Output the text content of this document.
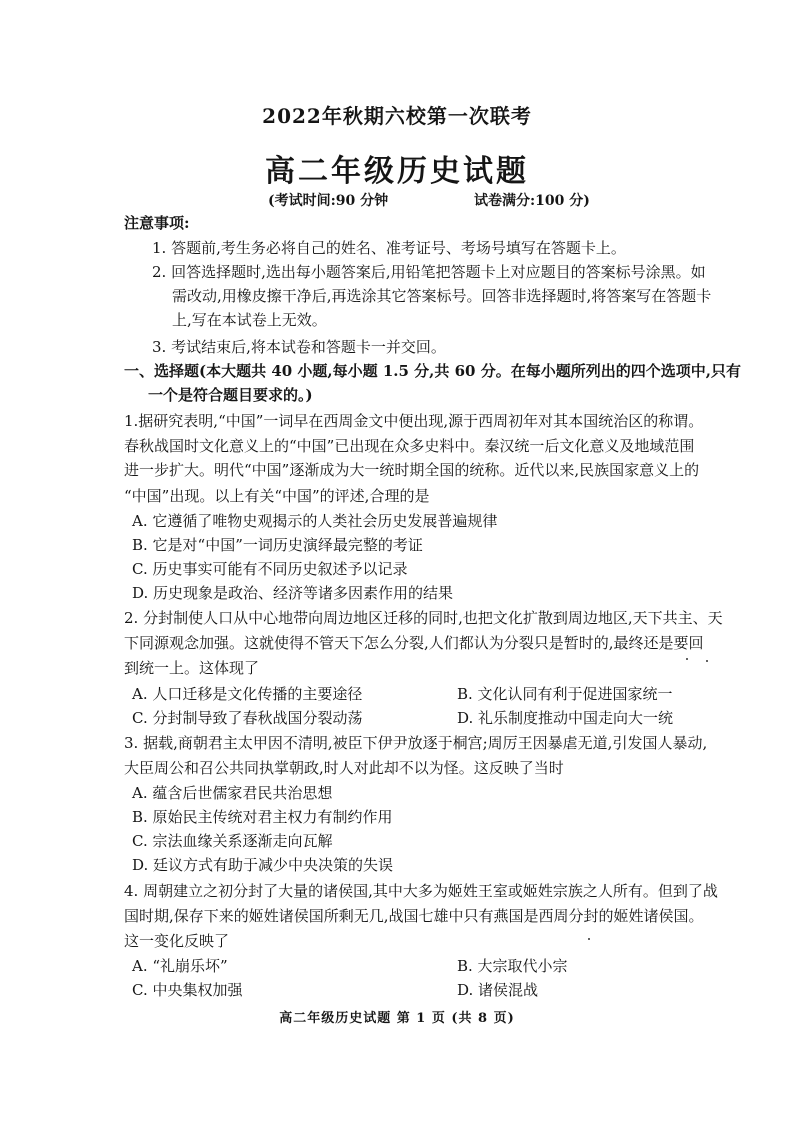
2022年秋期六校第一次联考
高二年级历史试题
(考试时间:90 分钟	试卷满分:100 分)
注意事项:
1. 答题前,考生务必将自己的姓名、准考证号、考场号填写在答题卡上。
2. 回答选择题时,选出每小题答案后,用铅笔把答题卡上对应题目的答案标号涂黑。如
需改动,用橡皮擦干净后,再选涂其它答案标号。回答非选择题时,将答案写在答题卡
上,写在本试卷上无效。
3. 考试结束后,将本试卷和答题卡一并交回。
一、选择题(本大题共 40 小题,每小题 1.5 分,共 60 分。在每小题所列出的四个选项中,只有
一个是符合题目要求的。)
1.据研究表明,“中国”一词早在西周金文中便出现,源于西周初年对其本国统治区的称谓。
春秋战国时文化意义上的“中国”已出现在众多史料中。秦汉统一后文化意义及地域范围
进一步扩大。明代“中国”逐渐成为大一统时期全国的统称。近代以来,民族国家意义上的
“中国”出现。以上有关“中国”的评述,合理的是
A. 它遵循了唯物史观揭示的人类社会历史发展普遍规律
B. 它是对“中国”一词历史演绎最完整的考证
C. 历史事实可能有不同历史叙述予以记录
D. 历史现象是政治、经济等诸多因素作用的结果
2. 分封制使人口从中心地带向周边地区迁移的同时,也把文化扩散到周边地区,天下共主、天
下同源观念加强。这就使得不管天下怎么分裂,人们都认为分裂只是暂时的,最终还是要回
到统一上。这体现了
A. 人口迁移是文化传播的主要途径	B. 文化认同有利于促进国家统一
C. 分封制导致了春秋战国分裂动荡	D. 礼乐制度推动中国走向大一统
3. 据载,商朝君主太甲因不清明,被臣下伊尹放逐于桐宫;周厉王因暴虐无道,引发国人暴动,
大臣周公和召公共同执掌朝政,时人对此却不以为怪。这反映了当时
A. 蕴含后世儒家君民共治思想
B. 原始民主传统对君主权力有制约作用
C. 宗法血缘关系逐渐走向瓦解
D. 廷议方式有助于减少中央决策的失误
4. 周朝建立之初分封了大量的诸侯国,其中大多为姬姓王室或姬姓宗族之人所有。但到了战
国时期,保存下来的姬姓诸侯国所剩无几,战国七雄中只有燕国是西周分封的姬姓诸侯国。
这一变化反映了
A. “礼崩乐坏”	B. 大宗取代小宗
C. 中央集权加强	D. 诸侯混战
高二年级历史试题 第 1 页 (共 8 页)
